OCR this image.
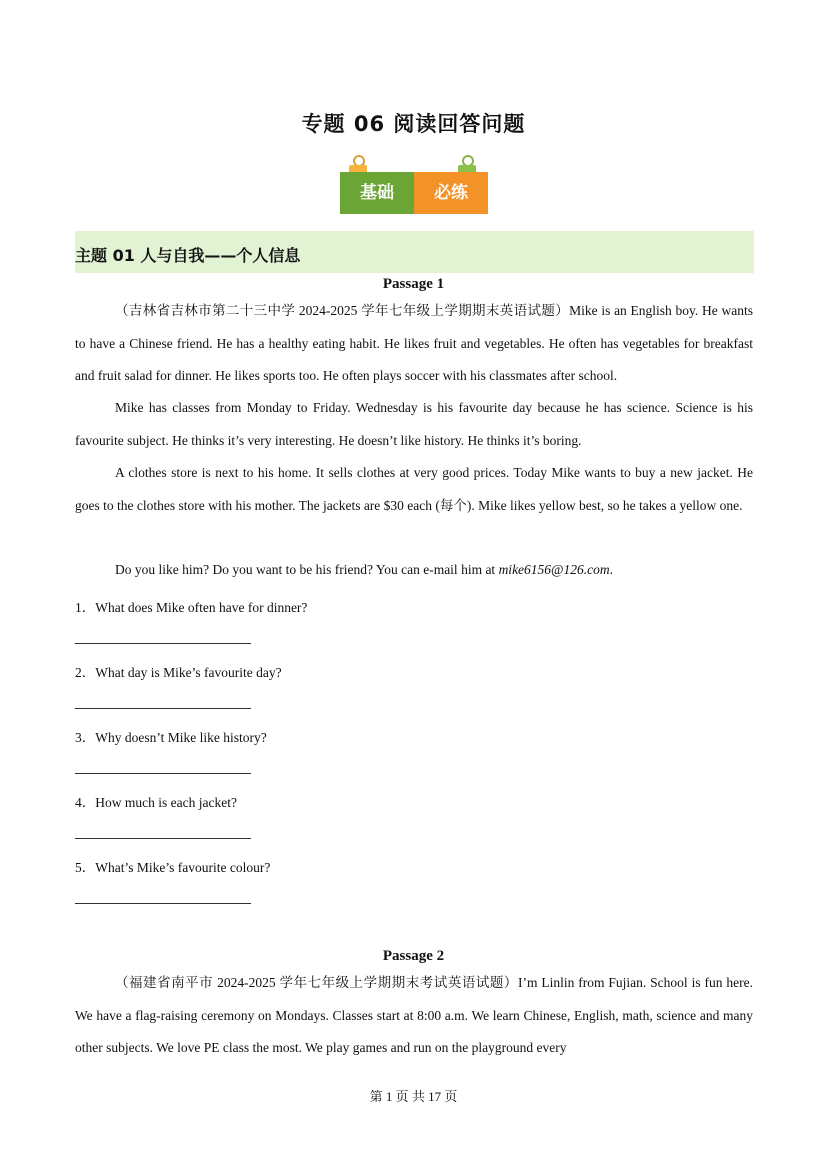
专题 06 阅读回答问题
基础	必练
主题 01 人与自我——个人信息
Passage 1

（吉林省吉林市第二十三中学 2024-2025 学年七年级上学期期末英语试题）Mike is an English boy. He wants to have a Chinese friend. He has a healthy eating habit. He likes fruit and vegetables. He often has vegetables for breakfast and fruit salad for dinner. He likes sports too. He often plays soccer with his classmates after school.

Mike has classes from Monday to Friday. Wednesday is his favourite day because he has science. Science is his favourite subject. He thinks it’s very interesting. He doesn’t like history. He thinks it’s boring.

A clothes store is next to his home. It sells clothes at very good prices. Today Mike wants to buy a new jacket. He goes to the clothes store with his mother. The jackets are $30 each (每个). Mike likes yellow best, so he takes a yellow one.

Do you like him? Do you want to be his friend? You can e-mail him at mike6156@126.com.

1．What does Mike often have for dinner?
2．What day is Mike’s favourite day?
3．Why doesn’t Mike like history?
4．How much is each jacket?
5．What’s Mike’s favourite colour?
Passage 2

（福建省南平市 2024-2025 学年七年级上学期期末考试英语试题）I’m Linlin from Fujian. School is fun here. We have a flag-raising ceremony on Mondays. Classes start at 8:00 a.m. We learn Chinese, English, math, science and many other subjects. We love PE class the most. We play games and run on the playground every

第 1 页 共 17 页
